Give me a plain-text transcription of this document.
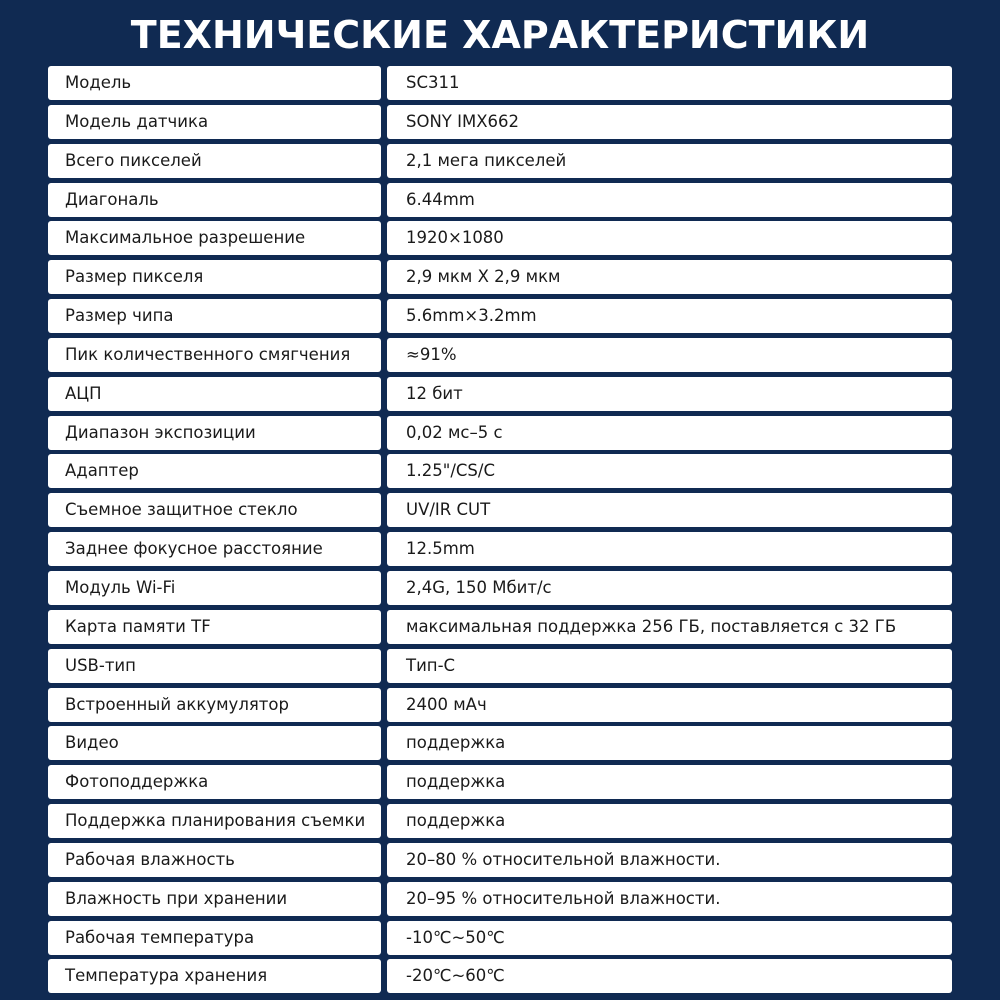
ТЕХНИЧЕСКИЕ ХАРАКТЕРИСТИКИ
Модель	SC311
Модель датчика	SONY IMX662
Всего пикселей	2,1 мега пикселей
Диагональ	6.44mm
Максимальное разрешение	1920×1080
Размер пикселя	2,9 мкм X 2,9 мкм
Размер чипа	5.6mm×3.2mm
Пик количественного смягчения	≈91%
АЦП	12 бит
Диапазон экспозиции	0,02 мс–5 с
Адаптер	1.25"/CS/C
Съемное защитное стекло	UV/IR CUT
Заднее фокусное расстояние	12.5mm
Модуль Wi-Fi	2,4G, 150 Мбит/с
Карта памяти TF	максимальная поддержка 256 ГБ, поставляется с 32 ГБ
USB-тип	Тип-С
Встроенный аккумулятор	2400 мАч
Видео	поддержка
Фотоподдержка	поддержка
Поддержка планирования съемки	поддержка
Рабочая влажность	20–80 % относительной влажности.
Влажность при хранении	20–95 % относительной влажности.
Рабочая температура	-10℃~50℃
Температура хранения	-20℃~60℃
